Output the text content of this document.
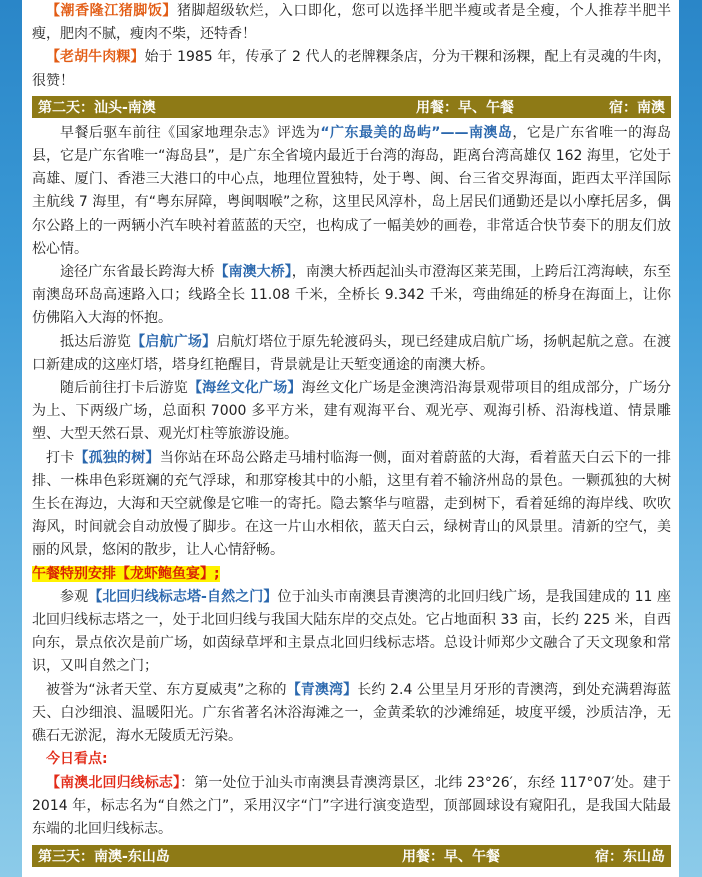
【潮香隆江猪脚饭】猪脚超级软烂，入口即化，您可以选择半肥半瘦或者是全瘦，个人推荐半肥半瘦，肥肉不腻，瘦肉不柴，还特香！

【老胡牛肉粿】始于 1985 年，传承了 2 代人的老牌粿条店，分为干粿和汤粿，配上有灵魂的牛肉，很赞！

第二天：汕头-南澳	用餐：早、午餐	宿：南澳

早餐后驱车前往《国家地理杂志》评选为“广东最美的岛屿”——南澳岛，它是广东省唯一的海岛县，它是广东省唯一“海岛县”，是广东全省境内最近于台湾的海岛，距离台湾高雄仅 162 海里，它处于高雄、厦门、香港三大港口的中心点，地理位置独特，处于粤、闽、台三省交界海面，距西太平洋国际主航线 7 海里，有“粤东屏障，粤闽咽喉”之称，这里民风淳朴，岛上居民们通勤还是以小摩托居多，偶尔公路上的一两辆小汽车映衬着蓝蓝的天空，也构成了一幅美妙的画卷，非常适合快节奏下的朋友们放松心情。

途径广东省最长跨海大桥【南澳大桥】，南澳大桥西起汕头市澄海区莱芜围，上跨后江湾海峡，东至南澳岛环岛高速路入口；线路全长 11.08 千米，全桥长 9.342 千米，弯曲绵延的桥身在海面上，让你仿佛陷入大海的怀抱。

抵达后游览【启航广场】启航灯塔位于原先轮渡码头，现已经建成启航广场，扬帆起航之意。在渡口新建成的这座灯塔，塔身红艳醒目，背景就是让天堑变通途的南澳大桥。

随后前往打卡后游览【海丝文化广场】海丝文化广场是金澳湾沿海景观带项目的组成部分，广场分为上、下两级广场，总面积 7000 多平方米，建有观海平台、观光亭、观海引桥、沿海栈道、情景雕塑、大型天然石景、观光灯柱等旅游设施。

打卡【孤独的树】当你站在环岛公路走马埔村临海一侧，面对着蔚蓝的大海，看着蓝天白云下的一排排、一株串色彩斑斓的充气浮球，和那穿梭其中的小船，这里有着不输济州岛的景色。一颗孤独的大树生长在海边，大海和天空就像是它唯一的寄托。隐去繁华与喧嚣，走到树下，看着延绵的海岸线、吹吹海风，时间就会自动放慢了脚步。在这一片山水相依，蓝天白云，绿树青山的风景里。清新的空气，美丽的风景，悠闲的散步，让人心情舒畅。

午餐特别安排【龙虾鲍鱼宴】;

参观【北回归线标志塔-自然之门】位于汕头市南澳县青澳湾的北回归线广场，是我国建成的 11 座北回归线标志塔之一，处于北回归线与我国大陆东岸的交点处。它占地面积 33 亩，长约 225 米，自西向东，景点依次是前广场，如茵绿草坪和主景点北回归线标志塔。总设计师郑少文融合了天文现象和常识，又叫自然之门；

被誉为“泳者天堂、东方夏威夷”之称的【青澳湾】长约 2.4 公里呈月牙形的青澳湾，到处充满碧海蓝天、白沙细浪、温暖阳光。广东省著名沐浴海滩之一，金黄柔软的沙滩绵延，坡度平缓，沙质洁净，无礁石无淤泥，海水无陵质无污染。

今日看点:

【南澳北回归线标志】：第一处位于汕头市南澳县青澳湾景区，北纬 23°26′，东经 117°07′处。建于 2014 年，标志名为“自然之门”，采用汉字“门”字进行演变造型，顶部圆球设有窥阳孔，是我国大陆最东端的北回归线标志。

第三天：南澳-东山岛	用餐：早、午餐	宿：东山岛
